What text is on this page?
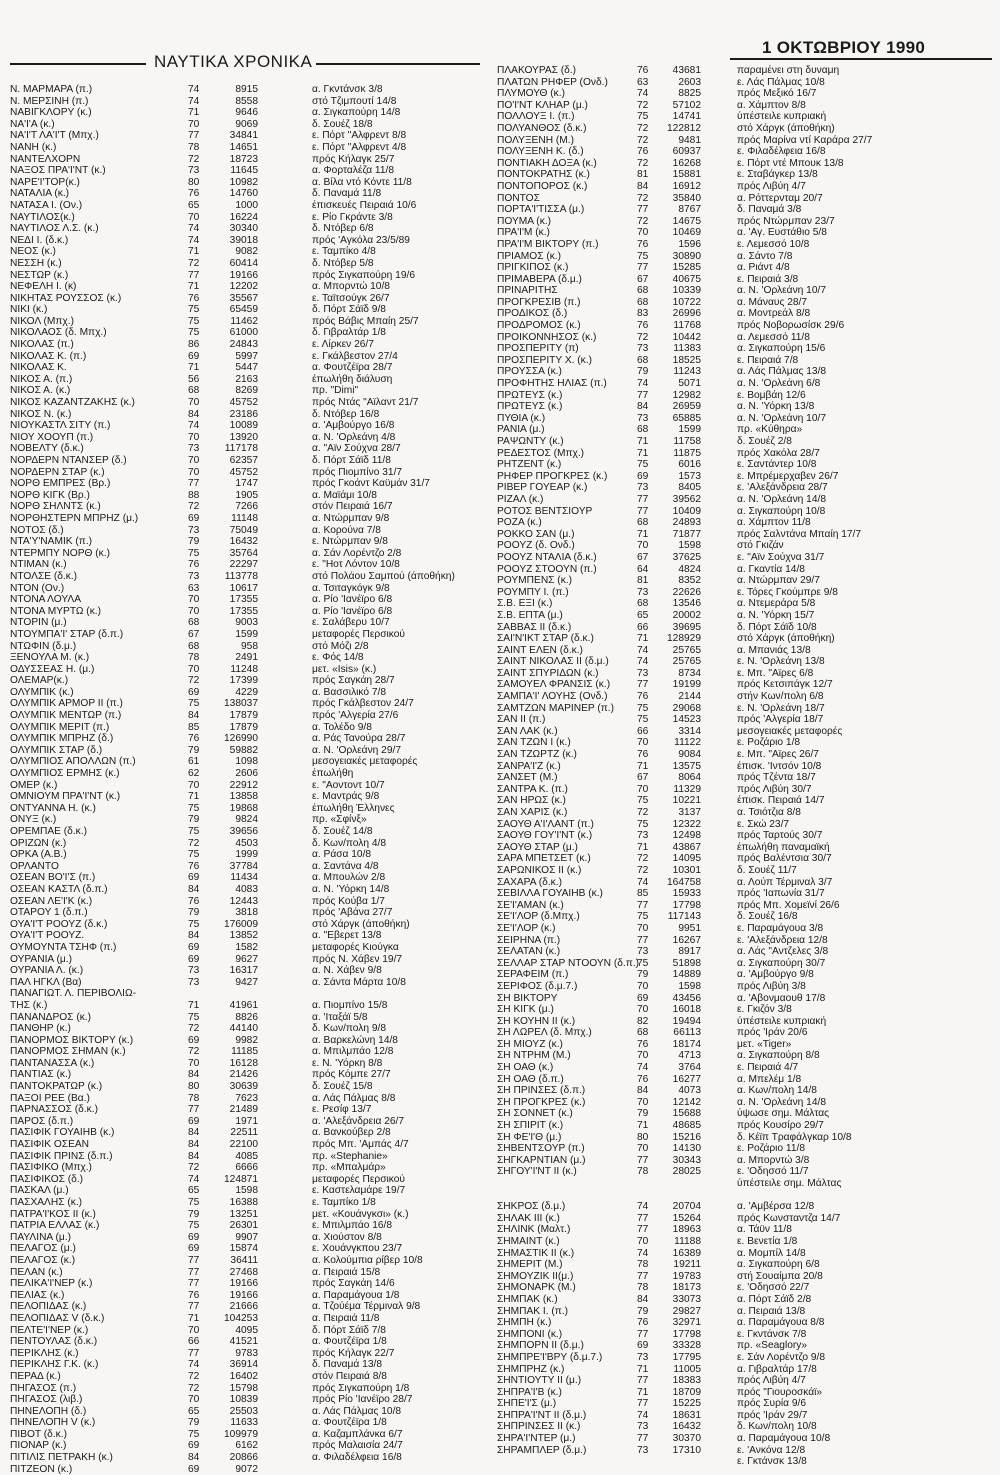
ΝΑΥΤΙΚΑ ΧΡΟΝΙΚΑ
1 ΟΚΤΩΒΡΙΟΥ 1990
Ν. ΜΑΡΜΑΡΑ (π.)	74	8915	α. Γκντάνσκ 3/8
Ν. ΜΕΡΣΙΝΗ (π.)	74	8558	στό Τζιμπουτί 14/8
ΝΑΒΙΓΚΛΟΡΥ (κ.)	71	9646	α. Σιγκαπούρη 14/8
ΝΑ'Ι'Α (κ.)	70	9069	δ. Σουέζ 18/8
ΝΑ'Ι'Τ ΛΑ'Ι'Τ (Μπχ.)	77	34841	ε. Πόρτ "Αλφρεντ 8/8
ΝΑΝΗ (κ.)	78	14651	ε. Πόρτ "Αλφρεντ 4/8
ΝΑΝΤΕΛΧΟΡΝ	72	18723	πρός Κήλαγκ 25/7
ΝΑΞΟΣ ΠΡΑ'Ι'ΝΤ (κ.)	73	11645	α. Φορταλέζα 11/8
ΝΑΡΕ'Ι'ΤΟΡ(κ.)	80	10982	α. Βίλα ντό Κόντε 11/8
ΝΑΤΑΛΙΑ (κ.)	76	14760	δ. Παναμά 11/8
ΝΑΤΑΣΑ Ι. (Ον.)	65	1000	έπισκευές Πειραιά 10/6
ΝΑΥΤΙΛΟΣ(κ.)	70	16224	ε. Ρίο Γκράντε 3/8
ΝΑΥΤΙΛΟΣ Λ.Σ. (κ.)	74	30340	δ. Ντόβερ 6/8
ΝΕΔΙ Ι. (δ.κ.)	74	39018	πρός 'Αγκόλα 23/5/89
ΝΕΟΣ (κ.)	71	9082	ε. Ταμπίκο 4/8
ΝΕΣΣΗ (κ.)	72	60414	δ. Ντόβερ 5/8
ΝΕΣΤΩΡ (κ.)	77	19166	πρός Σιγκαπούρη 19/6
ΝΕΦΕΛΗ Ι. (κ)	71	12202	α. Μπορντώ 10/8
ΝΙΚΗΤΑΣ ΡΟΥΣΣΟΣ (κ.)	76	35567	ε. Ταϊτσούγκ 26/7
ΝΙΚΙ (κ.)	75	65459	δ. Πόρτ Σάϊδ 9/8
ΝΙΚΟΛ (Μπχ.)	75	11462	πρός Βάβις Μπαίη 25/7
ΝΙΚΟΛΑΟΣ (δ. Μπχ.)	75	61000	δ. Γιβραλτάρ 1/8
ΝΙΚΟΛΑΣ (π.)	86	24843	ε. Λίρκεν 26/7
ΝΙΚΟΛΑΣ Κ. (π.)	69	5997	ε. Γκάλβεστον 27/4
ΝΙΚΟΛΑΣ Κ.	71	5447	α. Φουτζέϊρα 28/7
ΝΙΚΟΣ Α. (π.)	56	2163	έπωλήθη διάλυση
ΝΙΚΟΣ Α. (κ.)	68	8269	πρ. "Dimi"
ΝΙΚΟΣ ΚΑΖΑΝΤΖΑΚΗΣ (κ.)	70	45752	πρός Ντάς "Αϊλαντ 21/7
ΝΙΚΟΣ Ν. (κ.)	84	23186	δ. Ντόβερ 16/8
ΝΙΟΥΚΑΣΤΛ ΣΙΤΥ (π.)	74	10089	α. 'Αμβούργο 16/8
ΝΙΟΥ ΧΟΟΥΠ (π.)	70	13920	α. Ν. 'Ορλεάνη 4/8
ΝΟΒΕΛΤΥ (δ.κ.)	73	117178	α. "Αϊν Σούχνα 28/7
ΝΟΡΔΕΡΝ ΝΤΑΝΣΕΡ (δ.)	70	62357	δ. Πόρτ Σάϊδ 11/8
ΝΟΡΔΕΡΝ ΣΤΑΡ (κ.)	70	45752	πρός Πιομπίνο 31/7
ΝΟΡΘ ΕΜΠΡΕΣ (Βρ.)	77	1747	πρός Γκοάντ Καϋμάν 31/7
ΝΟΡΘ ΚΙΓΚ (Βρ.)	88	1905	α. Μαϊάμι 10/8
ΝΟΡΘ ΣΗΛΝΤΣ (κ.)	72	7266	στόν Πειραιά 16/7
ΝΟΡΘΗΣΤΕΡΝ ΜΠΡΗΖ (μ.)	69	11148	α. Ντώρμπαν 9/8
ΝΟΤΟΣ (δ.)	73	75049	α. Κορούνα 7/8
ΝΤΑ'Υ'ΝΑΜΙΚ (π.)	79	16432	ε. Ντώρμπαν 9/8
ΝΤΕΡΜΠΥ ΝΟΡΘ (κ.)	75	35764	α. Σάν Λορέντζο 2/8
ΝΤΙΜΑΝ (κ.)	76	22297	ε. "Ηοτ Λόντον 10/8
ΝΤΟΛΣΕ (δ.κ.)	73	113778	στό Πολάου Σαμπού (άποθήκη)
ΝΤΟΝ (Ον.)	63	10617	α. Τσιταγκόγκ 9/8
ΝΤΟΝΑ ΛΟΥΛΑ	70	17355	α. Ρίο 'Ιανέϊρο 6/8
ΝΤΟΝΑ ΜΥΡΤΩ (κ.)	70	17355	α. Ρίο 'Ιανέϊρο 6/8
ΝΤΟΡΙΝ (μ.)	68	9003	ε. Σαλάβερυ 10/7
ΝΤΟΥΜΠΑ'Ι' ΣΤΑΡ (δ.π.)	67	1599	μεταφορές Περσικού
ΝΤΩΦΙΝ (δ.μ.)	68	958	στό Μόζι 2/8
ΞΕΝΟΥΛΑ Μ. (κ.)	78	2491	ε. Φός 14/8
ΟΔΥΣΣΕΑΣ Η. (μ.)	70	11248	μετ. «Isis» (κ.)
ΟΛΕΜΑΡ(κ.)	72	17399	πρός Σαγκάη 28/7
ΟΛΥΜΠΙΚ (κ.)	69	4229	α. Βασσιλικό 7/8
ΟΛΥΜΠΙΚ ΑΡΜΟΡ ΙΙ (π.)	75	138037	πρός Γκάλβεστον 24/7
ΟΛΥΜΠΙΚ ΜΕΝΤΩΡ (π.)	84	17879	πρός 'Αλγερία 27/6
ΟΛΥΜΠΙΚ ΜΕΡΙΤ (π.)	85	17879	α. Τολέδο 9/8
ΟΛΥΜΠΙΚ ΜΠΡΗΖ (δ.)	76	126990	α. Ράς Τανούρα 28/7
ΟΛΥΜΠΙΚ ΣΤΑΡ (δ.)	79	59882	α. Ν. 'Ορλεάνη 29/7
ΟΛΥΜΠΙΟΣ ΑΠΟΛΛΩΝ (π.)	61	1098	μεσογειακές μεταφορές
ΟΛΥΜΠΙΟΣ ΕΡΜΗΣ (κ.)	62	2606	έπωλήθη
ΟΜΕΡ (κ.)	70	22912	ε. "Αοντοντ 10/7
ΟΜΝΙΟΥΜ ΠΡΑ'Ι'ΝΤ (κ.)	71	13858	ε. Μαντράς 9/8
ΟΝΤΥΑΝΝΑ Η. (κ.)	75	19868	έπωλήθη Έλληνες
ΟΝΥΞ (κ.)	79	9824	πρ. «Σφίνξ»
ΟΡΕΜΠΑΕ (δ.κ.)	75	39656	δ. Σουέζ 14/8
ΟΡΙΖΩΝ (κ.)	72	4503	δ. Κων/πολη 4/8
ΟΡΚΑ (Α.Β.)	75	1999	α. Ράσα 10/8
ΟΡΛΑΝΤΟ	76	37784	α. Σαντάνα 4/8
ΟΣΕΑΝ ΒΟ'Ι'Σ (π.)	69	11434	α. Μπουλών 2/8
ΟΣΕΑΝ ΚΑΣΤΛ (δ.π.)	84	4083	α. Ν. 'Υόρκη 14/8
ΟΣΕΑΝ ΛΕ'Ι'Κ (κ.)	76	12443	πρός Κούβα 1/7
ΟΤΑΡΟΥ 1 (δ.π.)	79	3818	πρός 'Αβάνα 27/7
ΟΥΑ'Ι'Τ ΡΟΟΥΖ (δ.κ.)	75	176009	στό Χάργκ (άποθήκη)
ΟΥΑ'Ι'Τ ΡΟΟΥΖ.	84	13852	α. "Εβερετ 13/8
ΟΥΜΟΥΝΤΑ ΤΣΗΦ (π.)	69	1582	μεταφορές Κιούγκα
ΟΥΡΑΝΙΑ (μ.)	69	9627	πρός Ν. Χάβεν 19/7
ΟΥΡΑΝΙΑ Λ. (κ.)	73	16317	α. Ν. Χάβεν 9/8
ΠΑΛ ΗΓΚΛ (Βα)	73	9427	α. Σάντα Μάρτα 10/8
ΠΑΝΑΓΙΩΤ. Λ. ΠΕΡΙΒΟΛΙΩ-
ΤΗΣ (κ.)	71	41961	α. Πιομπίνο 15/8
ΠΑΝΑΝΔΡΟΣ (κ.)	75	8826	α. 'Ιταξάϊ 5/8
ΠΑΝΘΗΡ (κ.)	72	44140	δ. Κων/πολη 9/8
ΠΑΝΟΡΜΟΣ ΒΙΚΤΟΡΥ (κ.)	69	9982	α. Βαρκελώνη 14/8
ΠΑΝΟΡΜΟΣ ΣΗΜΑΝ (κ.)	72	11185	α. Μπιλμπάο 12/8
ΠΑΝΤΑΝΑΣΣΑ (κ.)	70	16128	ε. Ν. 'Υόρκη 8/8
ΠΑΝΤΙΑΣ (κ.)	84	21426	πρός Κόμπε 27/7
ΠΑΝΤΟΚΡΑΤΩΡ (κ.)	80	30639	δ. Σουέζ 15/8
ΠΑΞΟΙ ΡΕΕ (Βα.)	78	7623	α. Λάς Πάλμας 8/8
ΠΑΡΝΑΣΣΟΣ (δ.κ.)	77	21489	ε. Ρεσίφ 13/7
ΠΑΡΟΣ (δ.π.)	69	1971	α. 'Αλεξάνδρεια 26/7
ΠΑΣΙΦΙΚ ΓΟΥΑΙΗΒ (κ.)	84	22511	α. Βανκούβερ 2/8
ΠΑΣΙΦΙΚ ΟΣΕΑΝ	84	22100	πρός Μπ. 'Αμπάς 4/7
ΠΑΣΙΦΙΚ ΠΡΙΝΣ (δ.π.)	84	4085	πρ. «Stephanie»
ΠΑΣΙΦΙΚΟ (Μπχ.)	72	6666	πρ. «Μπαλμάρ»
ΠΑΣΙΦΙΚΟΣ (δ.)	74	124871	μεταφορές Περσικού
ΠΑΣΚΑΛ (μ.)	65	1598	ε. Καστελαμάρε 19/7
ΠΑΣΧΑΛΗΣ (κ.)	75	16388	ε. Ταμπίκο 1/8
ΠΑΤΡΑ'Ι'ΚΟΣ ΙΙ (κ.)	79	13251	μετ. «Κουάνγκσι» (κ.)
ΠΑΤΡΙΑ ΕΛΛΑΣ (κ.)	75	26301	ε. Μπιλμπάο 16/8
ΠΑΥΛΙΝΑ (μ.)	69	9907	α. Χιούστον 8/8
ΠΕΛΑΓΟΣ (μ.)	69	15874	ε. Χουάνγκπου 23/7
ΠΕΛΑΓΟΣ (κ.)	77	36411	α. Κολούμπια ρίβερ 10/8
ΠΕΛΑΝ (κ.)	77	27468	α. Πειραιά 15/8
ΠΕΛΙΚΑ'Ι'ΝΕΡ (κ.)	77	19166	πρός Σαγκάη 14/6
ΠΕΛΙΑΣ (κ.)	76	19166	α. Παραμάγουα 1/8
ΠΕΛΟΠΙΔΑΣ (κ.)	77	21666	α. Τζούέμα Τέρμιναλ 9/8
ΠΕΛΟΠΙΔΑΣ V (δ.κ.)	71	104253	α. Πειραιά 11/8
ΠΕΛΤΕ'Ι'ΝΕΡ (κ.)	70	4095	δ. Πόρτ Σάϊδ 7/8
ΠΕΝΤΟΥΛΑΣ (δ.κ.)	66	41521	α. Φουτζέϊρα 1/8
ΠΕΡΙΚΛΗΣ (κ.)	77	9783	πρός Κήλαγκ 22/7
ΠΕΡΙΚΛΗΣ Γ.Κ. (κ.)	74	36914	δ. Παναμά 13/8
ΠΕΡΑΔ (κ.)	72	16402	στόν Πειραιά 8/8
ΠΗΓΑΣΟΣ (π.)	72	15798	πρός Σιγκαπούρη 1/8
ΠΗΓΑΣΟΣ (λιβ.)	70	10839	πρός Ρίο 'Ιανέϊρο 28/7
ΠΗΝΕΛΟΠΗ (δ.)	65	25503	α. Λάς Πάλμας 10/8
ΠΗΝΕΛΟΠΗ V (κ.)	79	11633	α. Φουτζέϊρα 1/8
ΠΙΒΟΤ (δ.κ.)	75	109979	α. Καζαμπλάνκα 6/7
ΠΙΟΝΑΡ (κ.)	69	6162	πρός Μαλαισία 24/7
ΠΙΤΙΛΙΣ ΠΕΤΡΑΚΗ (κ.)	84	20866	α. Φιλαδέλφεια 16/8
ΠΙΤΖΕΟΝ (κ.)	69	9072
ΠΛΑΚΟΥΡΑΣ (δ.)	76	43681	παραμένει στη δυναμη
ΠΛΑΤΩΝ ΡΗΦΕΡ (Ονδ.)	63	2603	ε. Λάς Πάλμας 10/8
ΠΛΥΜΟΥΘ (κ.)	74	8825	πρός Μεξικό 16/7
ΠΟ'Ι'ΝΤ ΚΛΗΑΡ (μ.)	72	57102	α. Χάμπτον 8/8
ΠΟΛΛΟΥΞ Ι. (π.)	75	14741	ύπέστειλε κυπριακή
ΠΟΛΥΑΝΘΟΣ (δ.κ.)	72	122812	στό Χάργκ (άποθήκη)
ΠΟΛΥΞΕΝΗ (Μ.)	72	9481	πρός Μαρίνα ντί Καράρα 27/7
ΠΟΛΥΞΕΝΗ Κ. (δ.)	76	60937	ε. Φιλαδέλφεια 16/8
ΠΟΝΤΙΑΚΗ ΔΟΞΑ (κ.)	72	16268	ε. Πόρτ ντέ Μπουκ 13/8
ΠΟΝΤΟΚΡΑΤΗΣ (κ.)	81	15881	ε. Σταβάγκερ 13/8
ΠΟΝΤΟΠΟΡΟΣ (κ.)	84	16912	πρός Λιβύη 4/7
ΠΟΝΤΟΣ	72	35840	α. Ρόττερνταμ 20/7
ΠΟΡΤΑ'Ι'ΤΙΣΣΑ (μ.)	77	8767	δ. Παναμά 3/8
ΠΟΥΜΑ (κ.)	72	14675	πρός Ντώρμπαν 23/7
ΠΡΑ'Ι'Μ (κ.)	70	10469	α. 'Αγ. Ευστάθιο 5/8
ΠΡΑ'Ι'Μ ΒΙΚΤΟΡΥ (π.)	76	1596	ε. Λεμεσσό 10/8
ΠΡΙΑΜΟΣ (κ.)	75	30890	α. Σάντο 7/8
ΠΡΙΓΚΙΠΟΣ (κ.)	77	15285	α. Ριάντ 4/8
ΠΡΙΜΑΒΕΡΑ (δ.μ.)	67	40675	ε. Πειραιά 3/8
ΠΡΙΝΑΡΙΤΗΣ	68	10339	α. Ν. 'Ορλεάνη 10/7
ΠΡΟΓΚΡΕΣΙΒ (π.)	68	10722	α. Μάναυς 28/7
ΠΡΟΔΙΚΟΣ (δ.)	83	26996	α. Μοντρεάλ 8/8
ΠΡΟΔΡΟΜΟΣ (κ.)	76	11768	πρός Νοβορωσίσκ 29/6
ΠΡΟΙΚΟΝΝΗΣΟΣ (κ.)	72	10442	α. Λεμεσσό 11/8
ΠΡΟΣΠΕΡΙΤΥ (π)	73	11383	α. Σιγκαπούρη 15/6
ΠΡΟΣΠΕΡΙΤΥ Χ. (κ.)	68	18525	ε. Πειραιά 7/8
ΠΡΟΥΣΣΑ (κ.)	79	11243	α. Λάς Πάλμας 13/8
ΠΡΟΦΗΤΗΣ ΗΛΙΑΣ (π.)	74	5071	α. Ν. 'Ορλεάνη 6/8
ΠΡΩΤΕΥΣ (κ.)	77	12982	ε. Βομβάη 12/6
ΠΡΩΤΕΥΣ (κ.)	84	26959	α. Ν. 'Υόρκη 13/8
ΠΥΘΙΑ (κ.)	73	65885	α. Ν. 'Ορλεάνη 10/7
ΡΑΝΙΑ (μ.)	68	1599	πρ. «Κύθηρα»
ΡΑΨΩΝΤΥ (κ.)	71	11758	δ. Σουέζ 2/8
ΡΕΔΕΣΤΟΣ (Μπχ.)	71	11875	πρός Χακόλα 28/7
ΡΗΤΖΕΝΤ (κ.)	75	6016	ε. Σαντάντερ 10/8
ΡΗΦΕΡ ΠΡΟΓΚΡΕΣ (κ.)	69	1573	ε. Μπρέμερχαβεν 26/7
ΡΙΒΕΡ ΓΟΥΕΑΡ (κ.)	73	8405	ε. 'Αλεξάνδρεια 28/7
ΡΙΖΑΛ (κ.)	77	39562	α. Ν. 'Ορλεάνη 14/8
ΡΟΤΟΣ ΒΕΝΤΣΙΟΥΡ	77	10409	α. Σιγκαπούρη 10/8
ΡΟΖΑ (κ.)	68	24893	α. Χάμπτον 11/8
ΡΟΚΚΟ ΣΑΝ (μ.)	71	71877	πρός Σαλντάνα Μπαίη 17/7
ΡΟΟΥΖ (δ. Ονδ.)	70	1598	στό Γκιζάν
ΡΟΟΥΖ ΝΤΑΛΙΑ (δ.κ.)	67	37625	ε. "Αϊν Σούχνα 31/7
ΡΟΟΥΖ ΣΤΟΟΥΝ (π.)	64	4824	α. Γκαντία 14/8
ΡΟΥΜΠΕΝΣ (κ.)	81	8352	α. Ντώρμπαν 29/7
ΡΟΥΜΠΥ Ι. (π.)	73	22626	ε. Τόρες Γκούμπρε 9/8
Σ.Β. ΕΞΙ (κ.)	68	13546	α. Ντεμεράρα 5/8
Σ.Β. ΕΠΤΑ (μ.)	65	20002	α. Ν. 'Υόρκη 15/7
ΣΑΒΒΑΣ ΙΙ (δ.κ.)	66	39695	δ. Πόρτ Σάϊδ 10/8
ΣΑΙ'Ν'ΙΚΤ ΣΤΑΡ (δ.κ.)	71	128929	στό Χάργκ (άποθήκη)
ΣΑΙΝΤ ΕΛΕΝ (δ.κ.)	74	25765	α. Μπανιάς 13/8
ΣΑΙΝΤ ΝΙΚΟΛΑΣ ΙΙ (δ.μ.)	74	25765	ε. Ν. 'Ορλεάνη 13/8
ΣΑΙΝΤ ΣΠΥΡΙΔΩΝ (κ.)	73	8734	ε. Μπ. "Αϊρες 6/8
ΣΑΜΟΥΕΛ ΦΡΑΝΣΙΣ (κ.)	77	19199	πρός Κετσιπάγκ 12/7
ΣΑΜΠΑ'Ι' ΛΟΥΗΣ (Ονδ.)	76	2144	στήν Κων/πολη 6/8
ΣΑΜΤΖΩΝ ΜΑΡΙΝΕΡ (π.) 75	29068	ε. Ν. 'Ορλεάνη 18/7
ΣΑΝ ΙΙ (π.)	75	14523	πρός 'Αλγερία 18/7
ΣΑΝ ΛΑΚ (κ.)	66	3314	μεσογειακές μεταφορές
ΣΑΝ ΤΖΩΝ Ι (κ.)	70	11122	ε. Ροζάριο 1/8
ΣΑΝ ΤΖΩΡΤΖ (κ.)	76	9084	ε. Μπ. "Αϊρες 26/7
ΣΑΝΡΑ'Ι'Ζ (κ.)	71	13575	έπισκ. 'Ιντσόν 10/8
ΣΑΝΣΕΤ (Μ.)	67	8064	πρός Τζέντα 18/7
ΣΑΝΤΡΑ Κ. (π.)	70	11329	πρός Λιβύη 30/7
ΣΑΝ ΗΡΩΣ (κ.)	75	10221	έπισκ. Πειραιά 14/7
ΣΑΝ ΧΑΡΙΣ (κ.)	72	3137	α. Τσιότζια 8/8
ΣΑΟΥΘ Α'Ι'ΛΑΝΤ (π.)	75	12322	ε. Σκώ 23/7
ΣΑΟΥΘ ΓΟΥ'Ι'ΝΤ (κ.)	73	12498	πρός Ταρτούς 30/7
ΣΑΟΥΘ ΣΤΑΡ (μ.)	71	43867	έπωλήθη παναμαϊκή
ΣΑΡΑ ΜΠΕΤΣΕΤ (κ.)	72	14095	πρός Βαλέντσια 30/7
ΣΑΡΩΝΙΚΟΣ ΙΙ (κ.)	72	10301	δ. Σουέζ 11/7
ΣΑΧΑΡΑ (δ.κ.)	74	164758	α. Λούπ Τέρμιναλ 3/7
ΣΕΒΙΛΛΑ ΓΟΥΑΙΗΒ (κ.)	85	15933	πρός 'Ιαπωνία 31/7
ΣΕ'Ι'ΑΜΑΝ (κ.)	77	17798	πρός Μπ. Χομεϊνί 26/6
ΣΕ'Ι'ΛΟΡ (δ.Μπχ.)	75	117143	δ. Σουέζ 16/8
ΣΕ'Ι'ΛΟΡ (κ.)	70	9951	ε. Παραμάγουα 3/8
ΣΕΙΡΗΝΑ (π.)	77	16267	ε. 'Αλεξάνδρεια 12/8
ΣΕΛΑΤΑΝ (κ.)	73	8917	α. Λάς "Αντζελες 3/8
ΣΕΛΛΑΡ ΣΤΑΡ ΝΤΟΟΥΝ (δ.π.)
75	51898	α. Σιγκαπούρη 30/7
ΣΕΡΑΦΕΙΜ (π.)	79	14889	α. 'Αμβούργο 9/8
ΣΕΡΙΦΟΣ (δ.μ.7.)	70	1598	πρός Λιβύη 3/8
ΣΗ ΒΙΚΤΟΡΥ	69	43456	α. 'Αβονμαουθ 17/8
ΣΗ ΚΙΓΚ (μ.)	70	16018	ε. Γκιζόν 3/8
ΣΗ ΚΟΥΗΝ ΙΙ (κ.)	82	19494	ύπέστειλε κυπριακή
ΣΗ ΛΩΡΕΛ (δ. Μπχ.)	68	66113	πρός 'Ιράν 20/6
ΣΗ ΜΙΟΥΖ (κ.)	76	18174	μετ. «Tiger»
ΣΗ ΝΤΡΗΜ (Μ.)	70	4713	α. Σιγκαπούρη 8/8
ΣΗ ΟΑΘ (κ.)	74	3764	ε. Πειραιά 4/7
ΣΗ ΟΑΘ (δ.π.)	76	16277	α. Μπελέμ 1/8
ΣΗ ΠΡΙΝΣΕΣ (δ.π.)	84	4073	α. Κων/πολη 14/8
ΣΗ ΠΡΟΓΚΡΕΣ (κ.)	70	12142	α. Ν. 'Ορλεάνη 14/8
ΣΗ ΣΟΝΝΕΤ (κ.)	79	15688	ύψωσε σημ. Μάλτας
ΣΗ ΣΠΙΡΙΤ (κ.)	71	48685	πρός Κουσίρο 29/7
ΣΗ ΦΕ'Ι'Θ (μ.)	80	15216	δ. Κέϊπ Τραφάλγκαρ 10/8
ΣΗΒΕΝΤΣΟΥΡ (π.)	70	14130	ε. Ροζάριο 11/8
ΣΗΓΚΑΡΝΤΙΑΝ (μ.)	77	30343	α. Μπορντώ 3/8
ΣΗΓΟΥ'Ι'ΝΤ ΙΙ (κ.)	78	28025	ε. 'Οδησσό 11/7
ύπέστειλε σημ. Μάλτας
ΣΗΚΡΟΣ (δ.μ.)	74	20704	α. 'Αμβέρσα 12/8
ΣΗΛΑΚ ΙΙΙ (κ.)	77	15264	πρός Κωνσταντζα 14/7
ΣΗΛΙΝΚ (Μαλτ.)	77	18963	α. Τάϋν 11/8
ΣΗΜΑΙΝΤ (κ.)	70	11188	ε. Βενετία 1/8
ΣΗΜΑΣΤΙΚ ΙΙ (κ.)	74	16389	α. Μομπίλ 14/8
ΣΗΜΕΡΙΤ (Μ.)	78	19211	α. Σιγκαπούρη 6/8
ΣΗΜΟΥΖΙΚ ΙΙ(μ.)	77	19783	στή Σουαίμπα 20/8
ΣΗΜΟΝΑΡΚ (Μ.)	78	18173	ε. 'Οδησσό 22/7
ΣΗΜΠΑΚ (κ.)	84	33073	α. Πόρτ Σάϊδ 2/8
ΣΗΜΠΑΚ Ι. (π.)	79	29827	α. Πειραιά 13/8
ΣΗΜΠΗ (κ.)	76	32971	α. Παραμάγουα 8/8
ΣΗΜΠΟΝΙ (κ.)	77	17798	ε. Γκντάνσκ 7/8
ΣΗΜΠΟΡΝ ΙΙ (δ.μ.)	69	33328	πρ. «Seaglory»
ΣΗΜΠΡΕ'Ι'ΒΡΥ (δ.μ.7.)	73	17795	ε. Σάν Λορέντζο 9/8
ΣΗΜΠΡΗΖ (κ.)	71	11005	α. Γιβραλτάρ 17/8
ΣΗΝΤΙΟΥΤΥ ΙΙ (μ.)	77	18383	πρός Λιβύη 4/7
ΣΗΠΡΑ'Ι'Β (κ.)	71	18709	πρός "Γιουροσκάϊ»
ΣΗΠΕ'Ι'Σ (μ.)	77	15225	πρός Συρία 9/6
ΣΗΠΡΑ'Ι'ΝΤ ΙΙ (δ.μ.)	74	18631	πρός 'Ιράν 29/7
ΣΗΠΡΙΝΣΕΣ ΙΙ (κ.)	73	16432	δ. Κων/πολη 10/8
ΣΗΡΑ'Ι'ΝΤΕΡ (μ.)	77	30370	α. Παραμάγουα 10/8
ΣΗΡΑΜΠΛΕΡ (δ.μ.)	73	17310	ε. 'Ανκόνα 12/8
ε. Γκτάνσκ 13/8
